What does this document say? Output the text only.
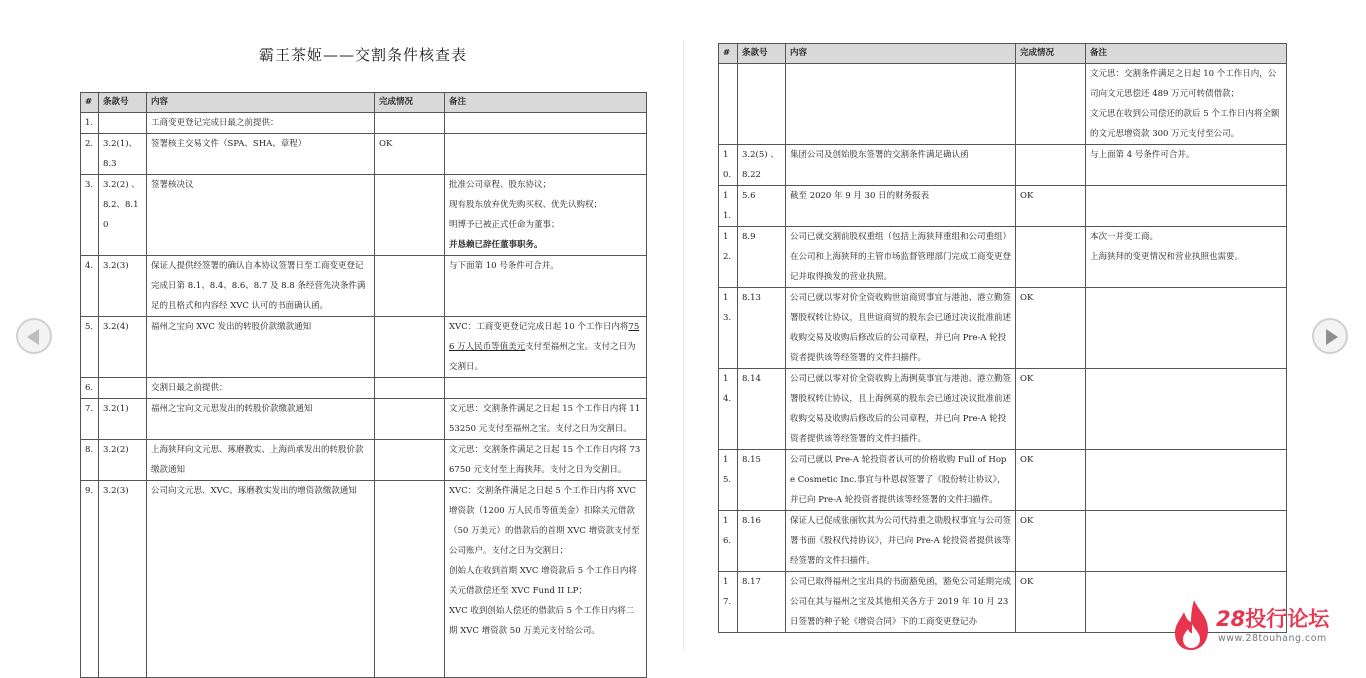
霸王茶姬——交割条件核查表
#	条款号	内容	完成情况	备注
1.		工商变更登记完成日最之前提供：		
2.	3.2(1)、8.3	签署核主交易文件（SPA、SHA、章程）	OK	
3.	3.2(2) 、
8.2、8.10	签署核决议		批准公司章程、股东协议；
现有股东放弃优先购买权、优先认购权；
明博予已被正式任命为董事；
并恳赖已辞任董事职务。
4.	3.2(3)	保证人提供经签署的确认自本协议签署日至工商变更登记完成日第 8.1、8.4、8.6、8.7 及 8.8 条经营先决条件满足的且格式和内容经 XVC 认可的书面确认函。		与下面第 10 号条件可合并。
5.	3.2(4)	福州之宝向 XVC 发出的转股价款缴款通知		XVC：工商变更登记完成日起 10 个工作日内将756 万人民币等值美元支付至福州之宝。支付之日为交割日。
6.		交割日最之前提供：		
7.	3.2(1)	福州之宝向文元思发出的转股价款缴款通知		文元思：交割条件满足之日起 15 个工作日内将 1153250 元支付至福州之宝。支付之日为交割日。
8.	3.2(2)	上海狭拜向文元思、琢磨教实、上海尚承发出的转股价款缴款通知		文元思：交割条件满足之日起 15 个工作日内将 736750 元支付至上海狭拜。支付之日为交割日。
9.	3.2(3)	公司向文元思、XVC、琢磨教实发出的增资款缴款通知		XVC：交割条件满足之日起 5 个工作日内将 XVC 增资款（1200 万人民币等值美金）扣除关元借款（50 万美元）的借款后的首期 XVC 增资款支付至公司账户。支付之日为交割日；
创始人在收到首期 XVC 增资款后 5 个工作日内将关元借款偿还至 XVC Fund II LP；
XVC 收到创始人偿还的借款后 5 个工作日内将二期 XVC 增资款 50 万美元支付给公司。
#	条款号	内容	完成情况	备注
				文元思：交割条件满足之日起 10 个工作日内，公司向文元思偿还 489 万元可转债借款；
文元思在收到公司偿还的款后 5 个工作日内将全额的文元思增资款 300 万元支付至公司。
10.	3.2(5) 、
8.22	集团公司及创始股东签署的交割条件满足确认函		与上面第 4 号条件可合并。
11.	5.6	截至 2020 年 9 月 30 日的财务报表	OK	
12.	8.9	公司已就交割前股权重组（包括上海狭拜重组和公司重组）在公司和上海狭拜的主管市场监督管理部门完成工商变更登记并取得换发的营业执照。		本次一并变工商。
上海狭拜的变更情况和营业执照也需要。
13.	8.13	公司已就以零对价全资收购世谊商贸事宜与港池、港立勤签署股权转让协议，且世谊商贸的股东会已通过决议批准前述收购交易及收购后修改后的公司章程，并已向 Pre-A 轮投资者提供该等经签署的文件扫描件。	OK	
14.	8.14	公司已就以零对价全资收购上海例莫事宜与港池、港立勤签署股权转让协议，且上海例莫的股东会已通过决议批准前述收购交易及收购后修改后的公司章程，并已向 Pre-A 轮投资者提供该等经签署的文件扫描件。	OK	
15.	8.15	公司已就以 Pre-A 轮投资者认可的价格收购 Full of Hope Cosmetic Inc.事宜与朴恩叔签署了《股份转让协议》，并已向 Pre-A 轮投资者提供该等经签署的文件扫描件。	OK	
16.	8.16	保证人已促成张丽钦其为公司代持重之勋股权事宜与公司签署书面《股权代持协议》，并已向 Pre-A 轮投资者提供该等经签署的文件扫描件。	OK	
17.	8.17	公司已取得福州之宝出具的书面豁免函，豁免公司延期完成公司在其与福州之宝及其他相关各方于 2019 年 10 月 23 日签署的种子轮《增资合同》下的工商变更登记办	OK	
28投行论坛
www.28touhang.com
